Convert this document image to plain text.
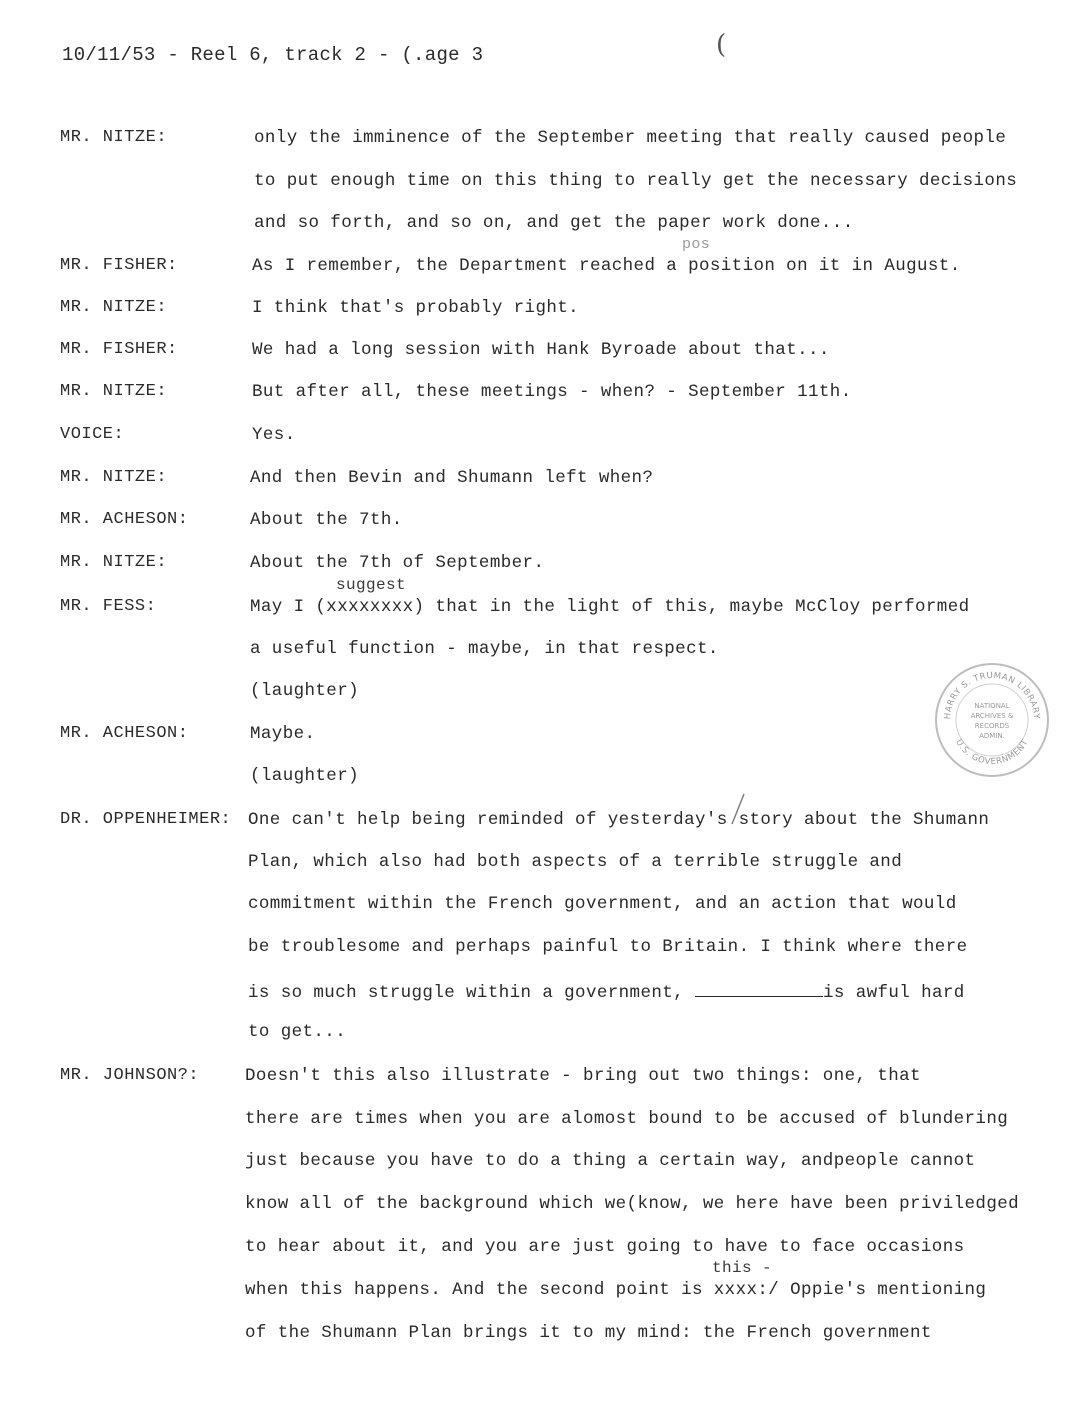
10/11/53 - Reel 6, track 2 - (.age 3	(
MR. NITZE:	only the imminence of the September meeting that really caused people
to put enough time on this thing to really get the necessary decisions
and so forth, and so on, and get the paper work done...
pos
MR. FISHER:	As I remember, the Department reached a position on it in August.
MR. NITZE:	I think that's probably right.
MR. FISHER:	We had a long session with Hank Byroade about that...
MR. NITZE:	But after all, these meetings - when? - September 11th.
VOICE:	Yes.
MR. NITZE:	And then Bevin and Shumann left when?
MR. ACHESON:	About the 7th.
MR. NITZE:	About the 7th of September.
suggest
MR. FESS:	May I (xxxxxxxx) that in the light of this, maybe McCloy performed
a useful function - maybe, in that respect.
(laughter)
MR. ACHESON:	Maybe.
(laughter)
DR. OPPENHEIMER: One can't help being reminded of yesterday's story about the Shumann
Plan, which also had both aspects of a terrible struggle and
commitment within the French government, and an action that would
be troublesome and perhaps painful to Britain. I think where there
is so much struggle within a government,	is awful hard
to get...
MR. JOHNSON?:	Doesn't this also illustrate - bring out two things: one, that
there are times when you are alomost bound to be accused of blundering
just because you have to do a thing a certain way, andpeople cannot
know all of the background which we(know, we here have been priviledged
to hear about it, and you are just going to have to face occasions
this -
when this happens. And the second point is xxxx:/ Oppie's mentioning
of the Shumann Plan brings it to my mind: the French government
HARRY S. TRUMAN LIBRARY
U.S. GOVERNMENT
NATIONAL
ARCHIVES &
RECORDS
ADMIN.
